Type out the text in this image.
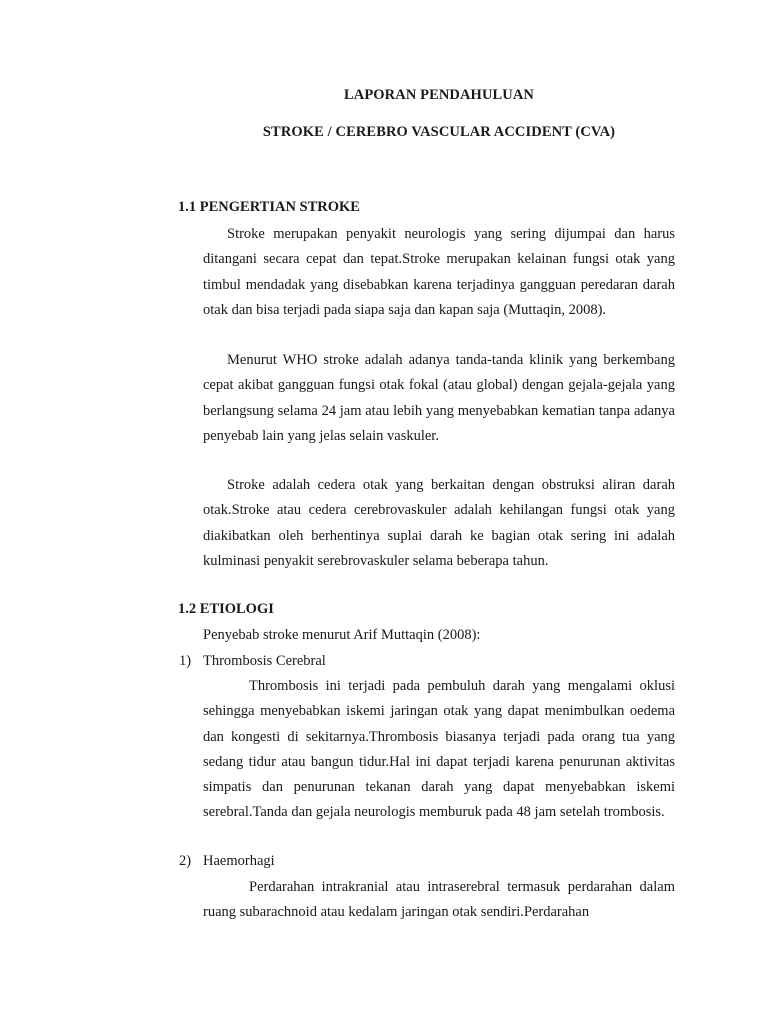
LAPORAN PENDAHULUAN
STROKE / CEREBRO VASCULAR ACCIDENT (CVA)
1.1 PENGERTIAN STROKE

Stroke merupakan penyakit neurologis yang sering dijumpai dan harus ditangani secara cepat dan tepat.Stroke merupakan kelainan fungsi otak yang timbul mendadak yang disebabkan karena terjadinya gangguan peredaran darah otak dan bisa terjadi pada siapa saja dan kapan saja (Muttaqin, 2008).

Menurut WHO stroke adalah adanya tanda-tanda klinik yang berkembang cepat akibat gangguan fungsi otak fokal (atau global) dengan gejala-gejala yang berlangsung selama 24 jam atau lebih yang menyebabkan kematian tanpa adanya penyebab lain yang jelas selain vaskuler.

Stroke adalah cedera otak yang berkaitan dengan obstruksi aliran darah otak.Stroke atau cedera cerebrovaskuler adalah kehilangan fungsi otak yang diakibatkan oleh berhentinya suplai darah ke bagian otak sering ini adalah kulminasi penyakit serebrovaskuler selama beberapa tahun.

1.2 ETIOLOGI
Penyebab stroke menurut Arif Muttaqin (2008):
1) Thrombosis Cerebral

Thrombosis ini terjadi pada pembuluh darah yang mengalami oklusi sehingga menyebabkan iskemi jaringan otak yang dapat menimbulkan oedema dan kongesti di sekitarnya.Thrombosis biasanya terjadi pada orang tua yang sedang tidur atau bangun tidur.Hal ini dapat terjadi karena penurunan aktivitas simpatis dan penurunan tekanan darah yang dapat menyebabkan iskemi serebral.Tanda dan gejala neurologis memburuk pada 48 jam setelah trombosis.

2) Haemorhagi

Perdarahan intrakranial atau intraserebral termasuk perdarahan dalam ruang subarachnoid atau kedalam jaringan otak sendiri.Perdarahan
